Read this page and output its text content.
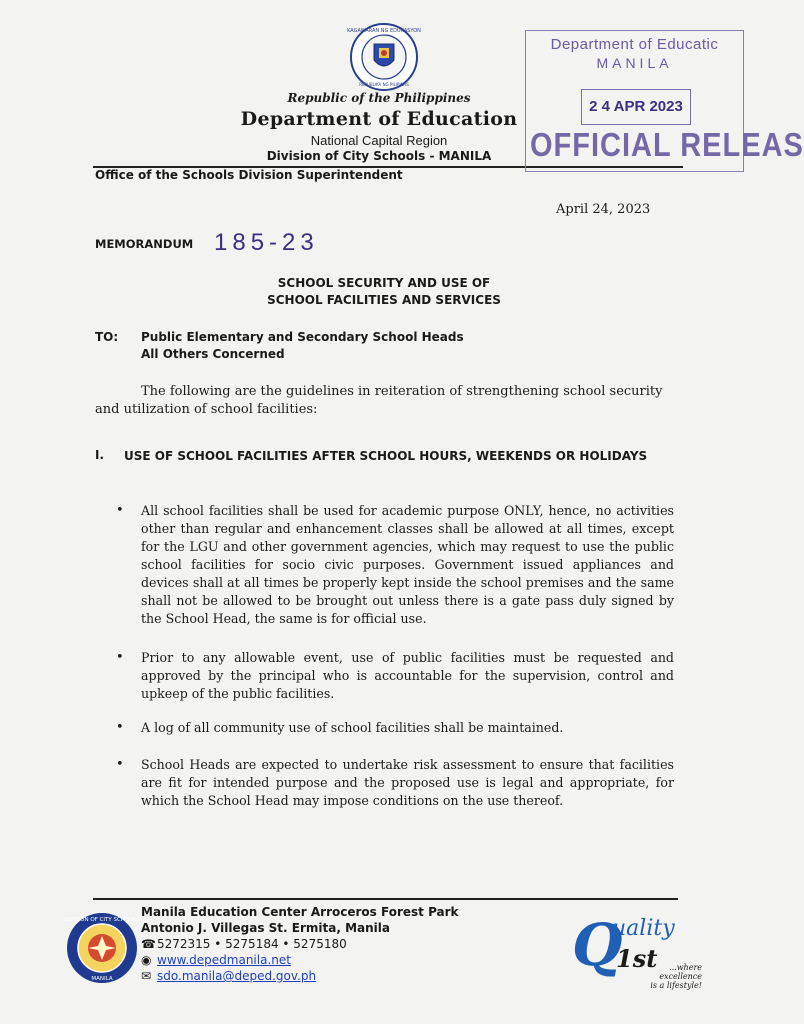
KAGAWARAN NG EDUKASYON
REPUBLIKA NG PILIPINAS
Republic of the Philippines
Department of Education
National Capital Region
Division of City Schools - MANILA
Office of the Schools Division Superintendent
Department of Educatic
MANILA
2 4 APR 2023
OFFICIAL RELEAS
April 24, 2023
MEMORANDUM 185-23
SCHOOL SECURITY AND USE OF
SCHOOL FACILITIES AND SERVICES
TO: Public Elementary and Secondary School Heads
All Others Concerned
The following are the guidelines in reiteration of strengthening school security and utilization of school facilities:
I. USE OF SCHOOL FACILITIES AFTER SCHOOL HOURS, WEEKENDS OR HOLIDAYS
• All school facilities shall be used for academic purpose ONLY, hence, no activities other than regular and enhancement classes shall be allowed at all times, except for the LGU and other government agencies, which may request to use the public school facilities for socio civic purposes. Government issued appliances and devices shall at all times be properly kept inside the school premises and the same shall not be allowed to be brought out unless there is a gate pass duly signed by the School Head, the same is for official use.
• Prior to any allowable event, use of public facilities must be requested and approved by the principal who is accountable for the supervision, control and upkeep of the public facilities.
• A log of all community use of school facilities shall be maintained.
• School Heads are expected to undertake risk assessment to ensure that facilities are fit for intended purpose and the proposed use is legal and appropriate, for which the School Head may impose conditions on the use thereof.
DIVISION OF CITY SCHOOLS
MANILA
Manila Education Center Arroceros Forest Park
Antonio J. Villegas St. Ermita, Manila
☎5272315 • 5275184 • 5275180
◉ www.depedmanila.net
✉ sdo.manila@deped.gov.ph	Q
uality
1st	...where excellence
is a lifestyle!
